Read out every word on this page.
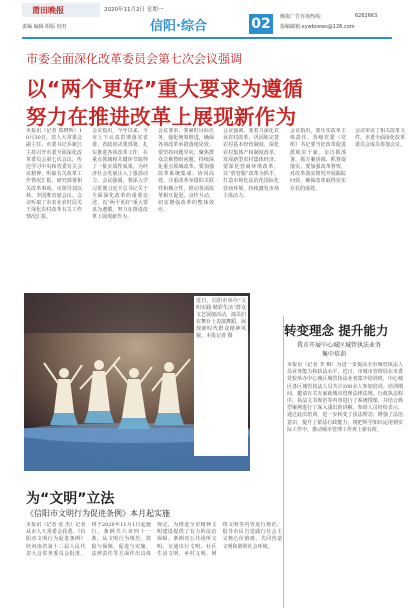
莆田晚报	2020年11月2日 星期一
责编 编辑 组版 校对	信阳·综合	02	晚报广告咨询热线:	6262663
投稿邮箱:xywbnews@126.com
市委全面深化改革委员会第七次会议强调
以“两个更好”重大要求为遵循
努力在推进改革上展现新作为
本报讯（记者 郑晓辉）10月30日，省人大常委会副主任、市委书记乔新江主持召开市委全面深化改革委员会第七次会议，传达学习中央和省委有关会议精神，听取有关改革工作情况汇报，研究部署相关改革事项。市领导刘以林、李国胜出席会议。会议听取了市农业农村局关于深化农村改革有关工作情况汇报。
会议指出，今年以来，全市上下认真贯彻落实省委、省政府决策部署，扎实推进各项改革工作，在重点领域和关键环节取得了一批实质性成果，为经济社会发展注入了强劲动力。会议强调，要深入学习贯彻习近平总书记关于全面深化改革的重要论述，以“两个更好”重大要求为遵循，努力在推进改革上展现新作为。
会议要求，要紧盯目标任务，强化统筹推进，确保各项改革举措落地见效。要坚持问题导向，聚焦群众急难愁盼问题，持续深化重点领域改革。要加强改革系统集成、协同高效，注重改革举措的关联性和耦合性，推动各项改革相互促进、良性互动，切实增强改革的整体效应。
会议强调，要着力深化农业农村改革，巩固和完善农村基本经营制度，深化农村集体产权制度改革，发展新型农村集体经济。要深化营商环境改革，以“放管服”改革为抓手，打造市场化法治化国际化营商环境，持续激发市场主体活力。
会议指出，要压实改革主体责任，各级党委（党组）书记要当好改革促进派和实干家，亲自抓部署、抓方案协调、抓督促落实。要加强改革督察，对改革落实情况开展跟踪问效，确保改革取得实实在在的成效。
会议审议了相关改革文件。市委全面深化改革委员会成员参加会议。
近日，信阳市举办“文明实践·精彩生活”群众文艺展演活动，演员们在舞台上表演舞蹈，展现新时代群众精神风貌。本报记者 摄	转变理念 提升能力
我市开展中心城区城管执法业务
集中培训
本报讯（记者 李 梅）为进一步提高全市城管执法人员业务能力和执法水平，近日，市城市管理局在市委党校举办中心城区城管执法业务集中培训班，中心城区各区城管执法人员共计200余人参加培训。培训期间，邀请有关专家就城市管理法律法规、行政执法程序、执法文书规范等内容进行了系统授课，并结合典型案例进行了深入浅出的讲解。参训人员纷纷表示，通过此次培训，进一步转变了执法理念，增强了法治意识，提升了依法行政能力，将把所学知识运用到实际工作中，推动城市管理工作再上新台阶。
为“文明”立法
《信阳市文明行为促进条例》本月起实施
本报讯（记者 张 杰）记者从市人大常委会获悉，《信阳市文明行为促进条例》经河南省第十三届人民代表大会常务委员会批准，将于2020年11月1日起施行。条例共六章四十一条，从文明行为规范、鼓励与保障、促进与实施、法律责任等方面作出具体规定，为推进全市精神文明建设提供了有力的法治保障。条例对公共场所文明、交通出行文明、社区生活文明、乡村文明、网络文明等内容进行规范，倡导市民自觉践行社会主义核心价值观，共同营造文明和谐的社会环境。
